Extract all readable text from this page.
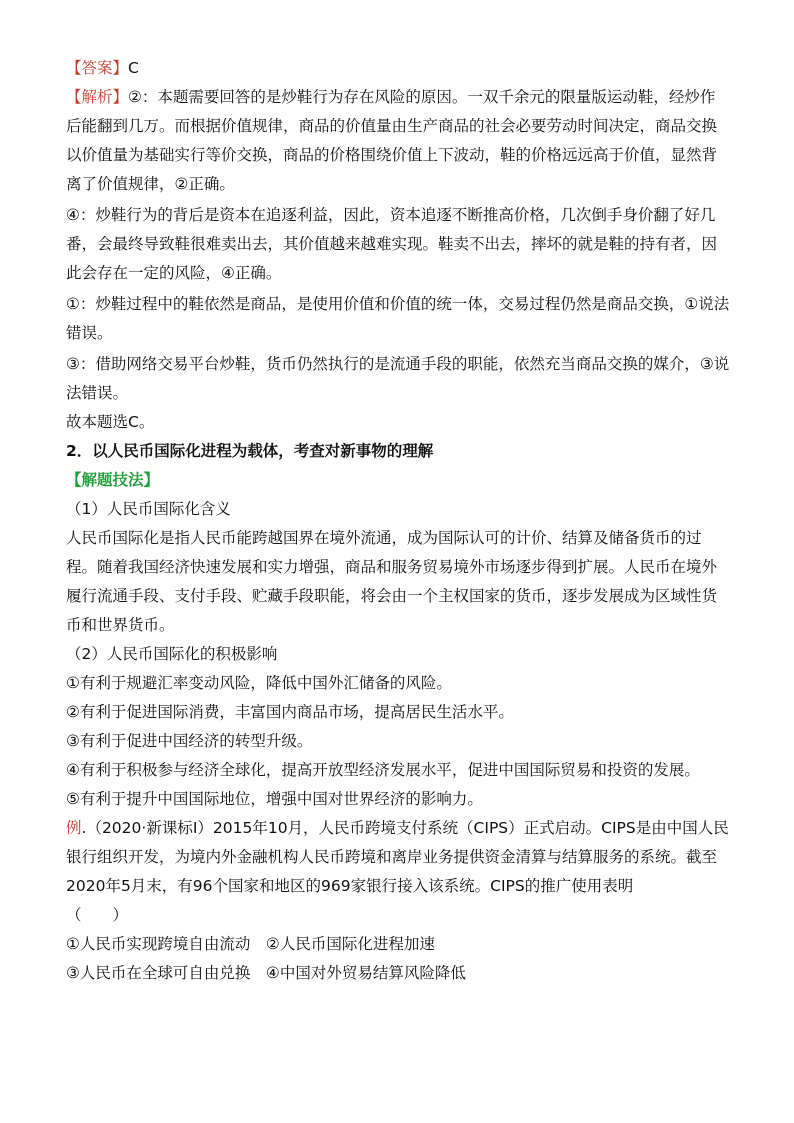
【答案】C

【解析】②：本题需要回答的是炒鞋行为存在风险的原因。一双千余元的限量版运动鞋，经炒作后能翻到几万。而根据价值规律，商品的价值量由生产商品的社会必要劳动时间决定，商品交换以价值量为基础实行等价交换，商品的价格围绕价值上下波动，鞋的价格远远高于价值，显然背离了价值规律，②正确。

④：炒鞋行为的背后是资本在追逐利益，因此，资本追逐不断推高价格，几次倒手身价翻了好几番，会最终导致鞋很难卖出去，其价值越来越难实现。鞋卖不出去，摔坏的就是鞋的持有者，因此会存在一定的风险，④正确。

①：炒鞋过程中的鞋依然是商品，是使用价值和价值的统一体，交易过程仍然是商品交换，①说法错误。

③：借助网络交易平台炒鞋，货币仍然执行的是流通手段的职能，依然充当商品交换的媒介，③说法错误。

故本题选C。

2．以人民币国际化进程为载体，考查对新事物的理解

【解题技法】

（1）人民币国际化含义

人民币国际化是指人民币能跨越国界在境外流通，成为国际认可的计价、结算及储备货币的过程。随着我国经济快速发展和实力增强，商品和服务贸易境外市场逐步得到扩展。人民币在境外履行流通手段、支付手段、贮藏手段职能，将会由一个主权国家的货币，逐步发展成为区域性货币和世界货币。

（2）人民币国际化的积极影响

①有利于规避汇率变动风险，降低中国外汇储备的风险。

②有利于促进国际消费，丰富国内商品市场，提高居民生活水平。

③有利于促进中国经济的转型升级。

④有利于积极参与经济全球化，提高开放型经济发展水平，促进中国国际贸易和投资的发展。

⑤有利于提升中国国际地位，增强中国对世界经济的影响力。

例.（2020·新课标Ⅰ）2015年10月，人民币跨境支付系统（CIPS）正式启动。CIPS是由中国人民银行组织开发，为境内外金融机构人民币跨境和离岸业务提供资金清算与结算服务的系统。截至2020年5月末，有96个国家和地区的969家银行接入该系统。CIPS的推广使用表明

（　　）

①人民币实现跨境自由流动　 ②人民币国际化进程加速

③人民币在全球可自由兑换　 ④中国对外贸易结算风险降低
